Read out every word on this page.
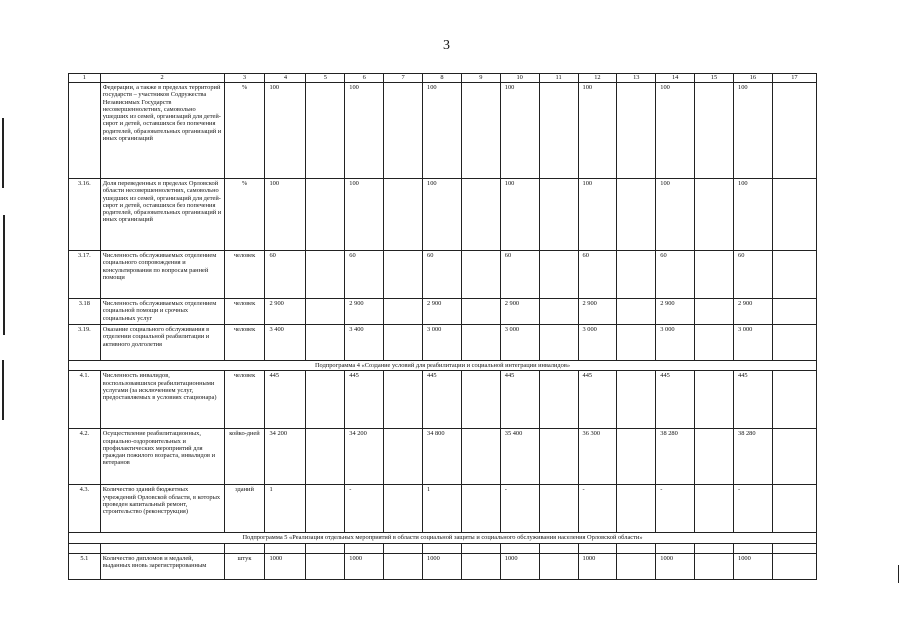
3
1	2	3	4	5	6	7	8	9	10	11	12	13	14	15	16	17
	Федерации, а также в пределах территорий государств – участников Содружества Независимых Государств несовершеннолетних, самовольно ушедших из семей, организаций для детей-сирот и детей, оставшихся без попечения родителей, образовательных организаций и иных организаций	%	100		100		100		100		100		100		100	
3.16.	Доля переведенных в пределах Орловской области несовершеннолетних, самовольно ушедших из семей, организаций для детей-сирот и детей, оставшихся без попечения родителей, образовательных организаций и иных организаций	%	100		100		100		100		100		100		100	
3.17.	Численность обслуживаемых отделением социального сопровождения и консультирования по вопросам ранней помощи	человек	60		60		60		60		60		60		60	
3.18	Численность обслуживаемых отделением социальной помощи и срочных социальных услуг	человек	2 900		2 900		2 900		2 900		2 900		2 900		2 900	
3.19.	Оказание социального обслуживания в отделении социальной реабилитации и активного долголетия	человек	3 400		3 400		3 000		3 000		3 000		3 000		3 000	
Подпрограмма 4 «Создание условий для реабилитации и социальной интеграции инвалидов»																
4.1.	Численность инвалидов, воспользовавшихся реабилитационными услугами (за исключением услуг, предоставляемых в условиях стационара)	человек	445		445		445		445		445		445		445	
4.2.	Осуществление реабилитационных, социально-оздоровительных и профилактических мероприятий для граждан пожилого возраста, инвалидов и ветеранов	койко-дней	34 200		34 200		34 800		35 400		36 300		38 280		38 280	
4.3.	Количество зданий бюджетных учреждений Орловской области, в которых проведен капитальный ремонт, строительство (реконструкция)	зданий	1		-		1		-		-		-		-	
Подпрограмма 5 «Реализация отдельных мероприятий в области социальной защиты и социального обслуживания населения Орловской области»																

5.1	Количество дипломов и медалей, выданных вновь зарегистрированным	штук	1000		1000		1000		1000		1000		1000		1000	
